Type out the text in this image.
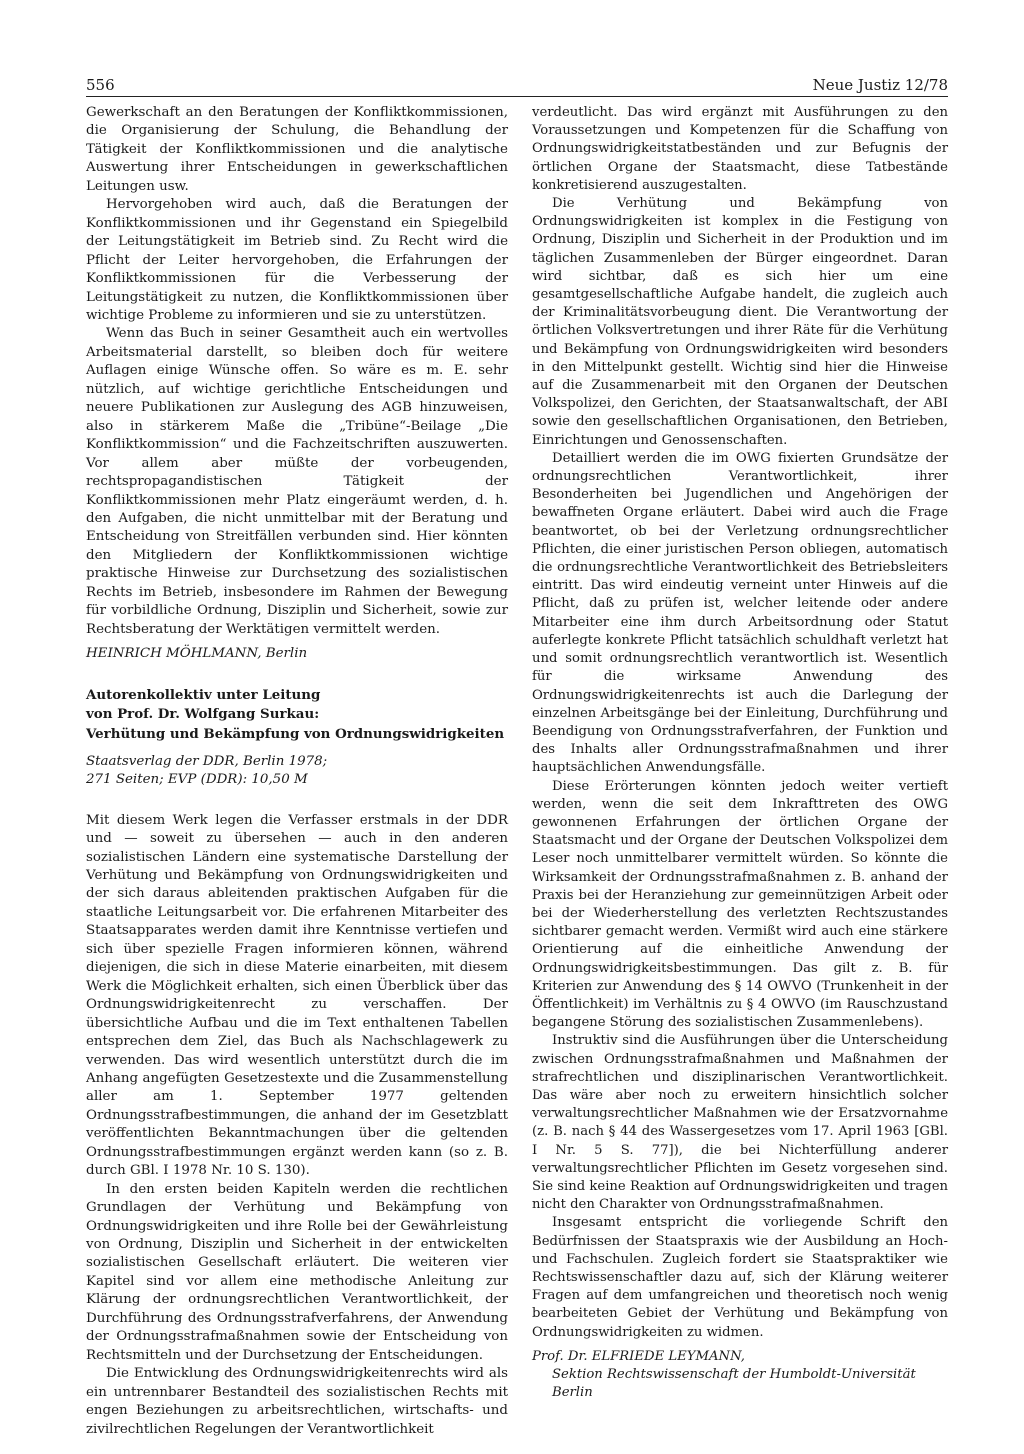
556	Neue Justiz 12/78

Gewerkschaft an den Beratungen der Konfliktkommissionen, die Organisierung der Schulung, die Behandlung der Tätigkeit der Konfliktkommissionen und die analytische Auswertung ihrer Entscheidungen in gewerkschaftlichen Leitungen usw.

Hervorgehoben wird auch, daß die Beratungen der Konfliktkommissionen und ihr Gegenstand ein Spiegelbild der Leitungstätigkeit im Betrieb sind. Zu Recht wird die Pflicht der Leiter hervorgehoben, die Erfahrungen der Konfliktkommissionen für die Verbesserung der Leitungstätigkeit zu nutzen, die Konfliktkommissionen über wichtige Probleme zu informieren und sie zu unterstützen.

Wenn das Buch in seiner Gesamtheit auch ein wertvolles Arbeitsmaterial darstellt, so bleiben doch für weitere Auflagen einige Wünsche offen. So wäre es m. E. sehr nützlich, auf wichtige gerichtliche Entscheidungen und neuere Publikationen zur Auslegung des AGB hinzuweisen, also in stärkerem Maße die „Tribüne“-Beilage „Die Konfliktkommission“ und die Fachzeitschriften auszuwerten. Vor allem aber müßte der vorbeugenden, rechtspropagandistischen Tätigkeit der Konfliktkommissionen mehr Platz eingeräumt werden, d. h. den Aufgaben, die nicht unmittelbar mit der Beratung und Entscheidung von Streitfällen verbunden sind. Hier könnten den Mitgliedern der Konfliktkommissionen wichtige praktische Hinweise zur Durchsetzung des sozialistischen Rechts im Betrieb, insbesondere im Rahmen der Bewegung für vorbildliche Ordnung, Disziplin und Sicherheit, sowie zur Rechtsberatung der Werktätigen vermittelt werden.

HEINRICH MÖHLMANN, Berlin

Autorenkollektiv unter Leitung
von Prof. Dr. Wolfgang Surkau:
Verhütung und Bekämpfung von Ordnungswidrigkeiten
Staatsverlag der DDR, Berlin 1978;
271 Seiten; EVP (DDR): 10,50 M

Mit diesem Werk legen die Verfasser erstmals in der DDR und — soweit zu übersehen — auch in den anderen sozialistischen Ländern eine systematische Darstellung der Verhütung und Bekämpfung von Ordnungswidrigkeiten und der sich daraus ableitenden praktischen Aufgaben für die staatliche Leitungsarbeit vor. Die erfahrenen Mitarbeiter des Staatsapparates werden damit ihre Kenntnisse vertiefen und sich über spezielle Fragen informieren können, während diejenigen, die sich in diese Materie einarbeiten, mit diesem Werk die Möglichkeit erhalten, sich einen Überblick über das Ordnungswidrigkeitenrecht zu verschaffen. Der übersichtliche Aufbau und die im Text enthaltenen Tabellen entsprechen dem Ziel, das Buch als Nachschlagewerk zu verwenden. Das wird wesentlich unterstützt durch die im Anhang angefügten Gesetzestexte und die Zusammenstellung aller am 1. September 1977 geltenden Ordnungsstrafbestimmungen, die anhand der im Gesetzblatt veröffentlichten Bekanntmachungen über die geltenden Ordnungsstrafbestimmungen ergänzt werden kann (so z. B. durch GBl. I 1978 Nr. 10 S. 130).

In den ersten beiden Kapiteln werden die rechtlichen Grundlagen der Verhütung und Bekämpfung von Ordnungswidrigkeiten und ihre Rolle bei der Gewährleistung von Ordnung, Disziplin und Sicherheit in der entwickelten sozialistischen Gesellschaft erläutert. Die weiteren vier Kapitel sind vor allem eine methodische Anleitung zur Klärung der ordnungsrechtlichen Verantwortlichkeit, der Durchführung des Ordnungsstrafverfahrens, der Anwendung der Ordnungsstrafmaßnahmen sowie der Entscheidung von Rechtsmitteln und der Durchsetzung der Entscheidungen.

Die Entwicklung des Ordnungswidrigkeitenrechts wird als ein untrennbarer Bestandteil des sozialistischen Rechts mit engen Beziehungen zu arbeitsrechtlichen, wirtschafts- und zivilrechtlichen Regelungen der Verantwortlichkeit

verdeutlicht. Das wird ergänzt mit Ausführungen zu den Voraussetzungen und Kompetenzen für die Schaffung von Ordnungswidrigkeitstatbeständen und zur Befugnis der örtlichen Organe der Staatsmacht, diese Tatbestände konkretisierend auszugestalten.

Die Verhütung und Bekämpfung von Ordnungswidrigkeiten ist komplex in die Festigung von Ordnung, Disziplin und Sicherheit in der Produktion und im täglichen Zusammenleben der Bürger eingeordnet. Daran wird sichtbar, daß es sich hier um eine gesamtgesellschaftliche Aufgabe handelt, die zugleich auch der Kriminalitätsvorbeugung dient. Die Verantwortung der örtlichen Volksvertretungen und ihrer Räte für die Verhütung und Bekämpfung von Ordnungswidrigkeiten wird besonders in den Mittelpunkt gestellt. Wichtig sind hier die Hinweise auf die Zusammenarbeit mit den Organen der Deutschen Volkspolizei, den Gerichten, der Staatsanwaltschaft, der ABI sowie den gesellschaftlichen Organisationen, den Betrieben, Einrichtungen und Genossenschaften.

Detailliert werden die im OWG fixierten Grundsätze der ordnungsrechtlichen Verantwortlichkeit, ihrer Besonderheiten bei Jugendlichen und Angehörigen der bewaffneten Organe erläutert. Dabei wird auch die Frage beantwortet, ob bei der Verletzung ordnungsrechtlicher Pflichten, die einer juristischen Person obliegen, automatisch die ordnungsrechtliche Verantwortlichkeit des Betriebsleiters eintritt. Das wird eindeutig verneint unter Hinweis auf die Pflicht, daß zu prüfen ist, welcher leitende oder andere Mitarbeiter eine ihm durch Arbeitsordnung oder Statut auferlegte konkrete Pflicht tatsächlich schuldhaft verletzt hat und somit ordnungsrechtlich verantwortlich ist. Wesentlich für die wirksame Anwendung des Ordnungswidrigkeitenrechts ist auch die Darlegung der einzelnen Arbeitsgänge bei der Einleitung, Durchführung und Beendigung von Ordnungsstrafverfahren, der Funktion und des Inhalts aller Ordnungsstrafmaßnahmen und ihrer hauptsächlichen Anwendungsfälle.

Diese Erörterungen könnten jedoch weiter vertieft werden, wenn die seit dem Inkrafttreten des OWG gewonnenen Erfahrungen der örtlichen Organe der Staatsmacht und der Organe der Deutschen Volkspolizei dem Leser noch unmittelbarer vermittelt würden. So könnte die Wirksamkeit der Ordnungsstrafmaßnahmen z. B. anhand der Praxis bei der Heranziehung zur gemeinnützigen Arbeit oder bei der Wiederherstellung des verletzten Rechtszustandes sichtbarer gemacht werden. Vermißt wird auch eine stärkere Orientierung auf die einheitliche Anwendung der Ordnungswidrigkeitsbestimmungen. Das gilt z. B. für Kriterien zur Anwendung des § 14 OWVO (Trunkenheit in der Öffentlichkeit) im Verhältnis zu § 4 OWVO (im Rauschzustand begangene Störung des sozialistischen Zusammenlebens).

Instruktiv sind die Ausführungen über die Unterscheidung zwischen Ordnungsstrafmaßnahmen und Maßnahmen der strafrechtlichen und disziplinarischen Verantwortlichkeit. Das wäre aber noch zu erweitern hinsichtlich solcher verwaltungsrechtlicher Maßnahmen wie der Ersatzvornahme (z. B. nach § 44 des Wassergesetzes vom 17. April 1963 [GBl. I Nr. 5 S. 77]), die bei Nichterfüllung anderer verwaltungsrechtlicher Pflichten im Gesetz vorgesehen sind. Sie sind keine Reaktion auf Ordnungswidrigkeiten und tragen nicht den Charakter von Ordnungsstrafmaßnahmen.

Insgesamt entspricht die vorliegende Schrift den Bedürfnissen der Staatspraxis wie der Ausbildung an Hoch- und Fachschulen. Zugleich fordert sie Staatspraktiker wie Rechtswissenschaftler dazu auf, sich der Klärung weiterer Fragen auf dem umfangreichen und theoretisch noch wenig bearbeiteten Gebiet der Verhütung und Bekämpfung von Ordnungswidrigkeiten zu widmen.

Prof. Dr. ELFRIEDE LEYMANN,

Sektion Rechtswissenschaft der Humboldt-Universität

Berlin
